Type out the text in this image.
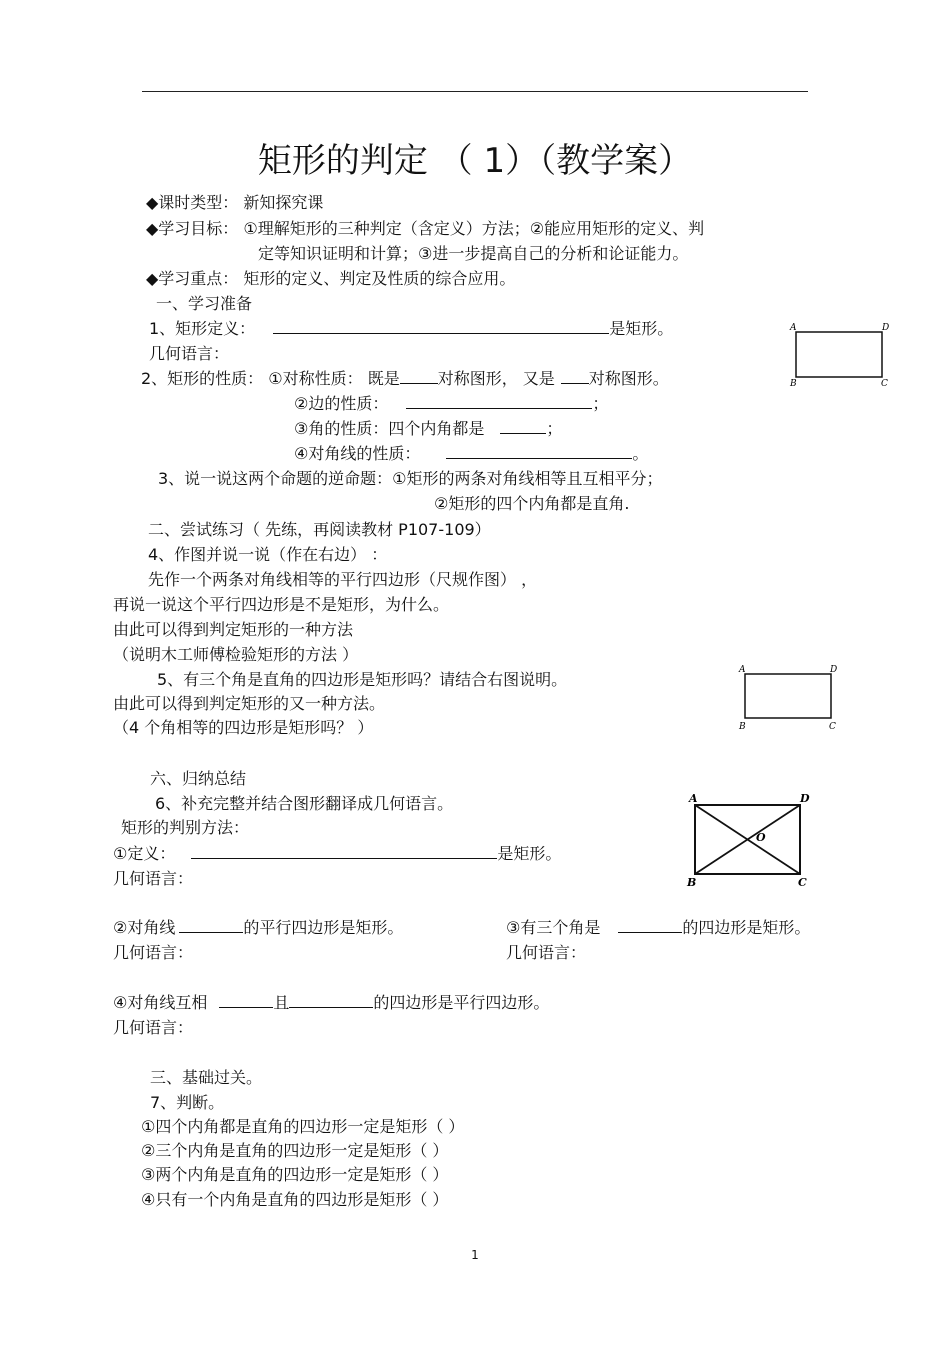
矩形的判定 （ 1）（教学案）
◆课时类型： 新知探究课
◆学习目标： ①理解矩形的三种判定（含定义）方法；②能应用矩形的定义、判
定等知识证明和计算；③进一步提高自己的分析和论证能力。
◆学习重点： 矩形的定义、判定及性质的综合应用。
一、学习准备
1、矩形定义：	是矩形。
几何语言：
2、矩形的性质： ①对称性质： 既是 对称图形， 又是 对称图形。
②边的性质：	；
③角的性质：四个内角都是	；
④对角线的性质：	。
3、说一说这两个命题的逆命题：①矩形的两条对角线相等且互相平分；
②矩形的四个内角都是直角.
二、尝试练习（ 先练，再阅读教材 P107-109）
4、作图并说一说（作在右边） ：
先作一个两条对角线相等的平行四边形（尺规作图） ，
再说一说这个平行四边形是不是矩形，为什么。
由此可以得到判定矩形的一种方法
（说明木工师傅检验矩形的方法 ）
5、有三个角是直角的四边形是矩形吗？请结合右图说明。
由此可以得到判定矩形的又一种方法。
（4 个角相等的四边形是矩形吗？ ）
六、归纳总结
6、补充完整并结合图形翻译成几何语言。
矩形的判别方法：
①定义：	是矩形。
几何语言：
②对角线	的平行四边形是矩形。	③有三个角是	的四边形是矩形。
几何语言：	几何语言：
④对角线互相	且	的四边形是平行四边形。
几何语言：
三、基础过关。
7、判断。
①四个内角都是直角的四边形一定是矩形（ ）
②三个内角是直角的四边形一定是矩形（ ）
③两个内角是直角的四边形一定是矩形（ ）
④只有一个内角是直角的四边形是矩形（ ）
A	D
B	C
A	D
B	C
A	D
B	C
O
1
